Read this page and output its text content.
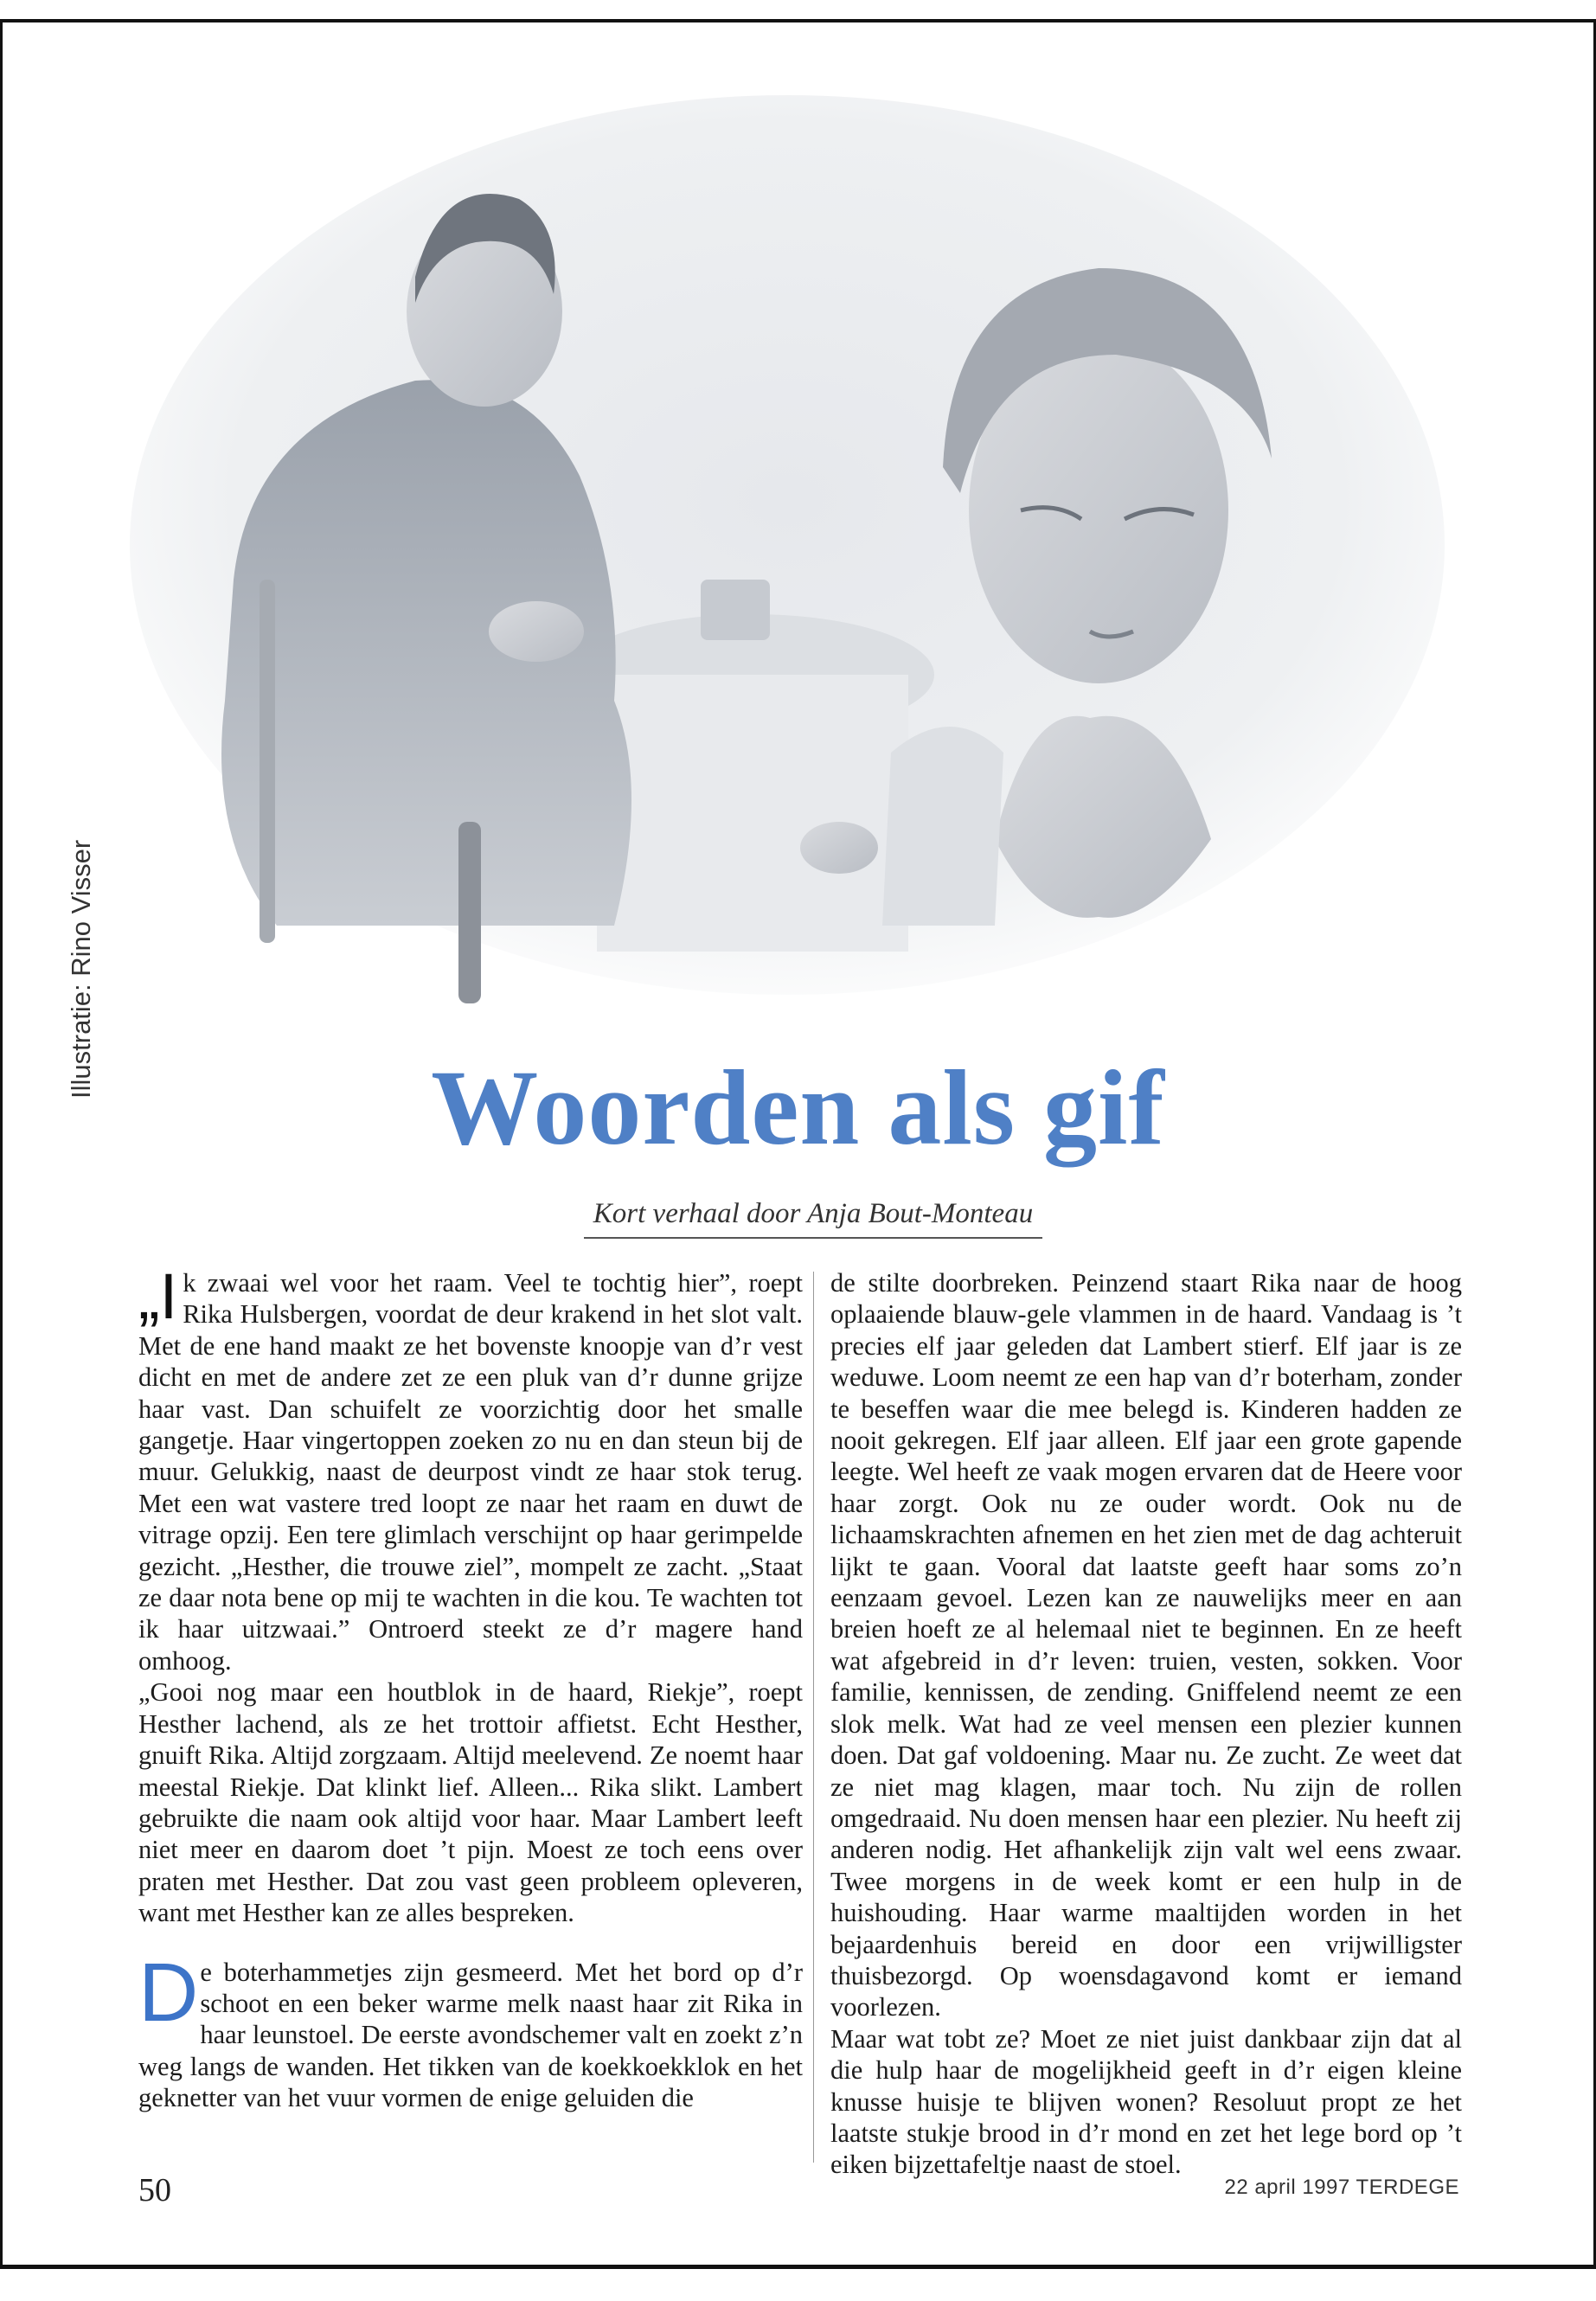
Illustratie: Rino Visser
Woorden als gif
Kort verhaal door Anja Bout-Monteau

„Ik zwaai wel voor het raam. Veel te tochtig hier”, roept Rika Hulsbergen, voordat de deur krakend in het slot valt. Met de ene hand maakt ze het bovenste knoopje van d’r vest dicht en met de andere zet ze een pluk van d’r dunne grijze haar vast. Dan schuifelt ze voorzichtig door het smalle gangetje. Haar vingertoppen zoeken zo nu en dan steun bij de muur. Gelukkig, naast de deurpost vindt ze haar stok terug. Met een wat vastere tred loopt ze naar het raam en duwt de vitrage opzij. Een tere glimlach verschijnt op haar gerimpelde gezicht. „Hesther, die trouwe ziel”, mompelt ze zacht. „Staat ze daar nota bene op mij te wachten in die kou. Te wachten tot ik haar uitzwaai.” Ontroerd steekt ze d’r magere hand omhoog.

„Gooi nog maar een houtblok in de haard, Riekje”, roept Hesther lachend, als ze het trottoir affietst. Echt Hesther, gnuift Rika. Altijd zorgzaam. Altijd meelevend. Ze noemt haar meestal Riekje. Dat klinkt lief. Alleen... Rika slikt. Lambert gebruikte die naam ook altijd voor haar. Maar Lambert leeft niet meer en daarom doet ’t pijn. Moest ze toch eens over praten met Hesther. Dat zou vast geen probleem opleveren, want met Hesther kan ze alles bespreken.

De boterhammetjes zijn gesmeerd. Met het bord op d’r schoot en een beker warme melk naast haar zit Rika in haar leunstoel. De eerste avondschemer valt en zoekt z’n weg langs de wanden. Het tikken van de koekkoekklok en het geknetter van het vuur vormen de enige geluiden die

de stilte doorbreken. Peinzend staart Rika naar de hoog oplaaiende blauw-gele vlammen in de haard. Vandaag is ’t precies elf jaar geleden dat Lambert stierf. Elf jaar is ze weduwe. Loom neemt ze een hap van d’r boterham, zonder te beseffen waar die mee belegd is. Kinderen hadden ze nooit gekregen. Elf jaar alleen. Elf jaar een grote gapende leegte. Wel heeft ze vaak mogen ervaren dat de Heere voor haar zorgt. Ook nu ze ouder wordt. Ook nu de lichaamskrachten afnemen en het zien met de dag achteruit lijkt te gaan. Vooral dat laatste geeft haar soms zo’n eenzaam gevoel. Lezen kan ze nauwelijks meer en aan breien hoeft ze al helemaal niet te beginnen. En ze heeft wat afgebreid in d’r leven: truien, vesten, sokken. Voor familie, kennissen, de zending. Gniffelend neemt ze een slok melk. Wat had ze veel mensen een plezier kunnen doen. Dat gaf voldoening. Maar nu. Ze zucht. Ze weet dat ze niet mag klagen, maar toch. Nu zijn de rollen omgedraaid. Nu doen mensen haar een plezier. Nu heeft zij anderen nodig. Het afhankelijk zijn valt wel eens zwaar. Twee morgens in de week komt er een hulp in de huishouding. Haar warme maaltijden worden in het bejaardenhuis bereid en door een vrijwilligster thuisbezorgd. Op woensdagavond komt er iemand voorlezen.

Maar wat tobt ze? Moet ze niet juist dankbaar zijn dat al die hulp haar de mogelijkheid geeft in d’r eigen kleine knusse huisje te blijven wonen? Resoluut propt ze het laatste stukje brood in d’r mond en zet het lege bord op ’t eiken bijzettafeltje naast de stoel.

50	22 april 1997 TERDEGE
